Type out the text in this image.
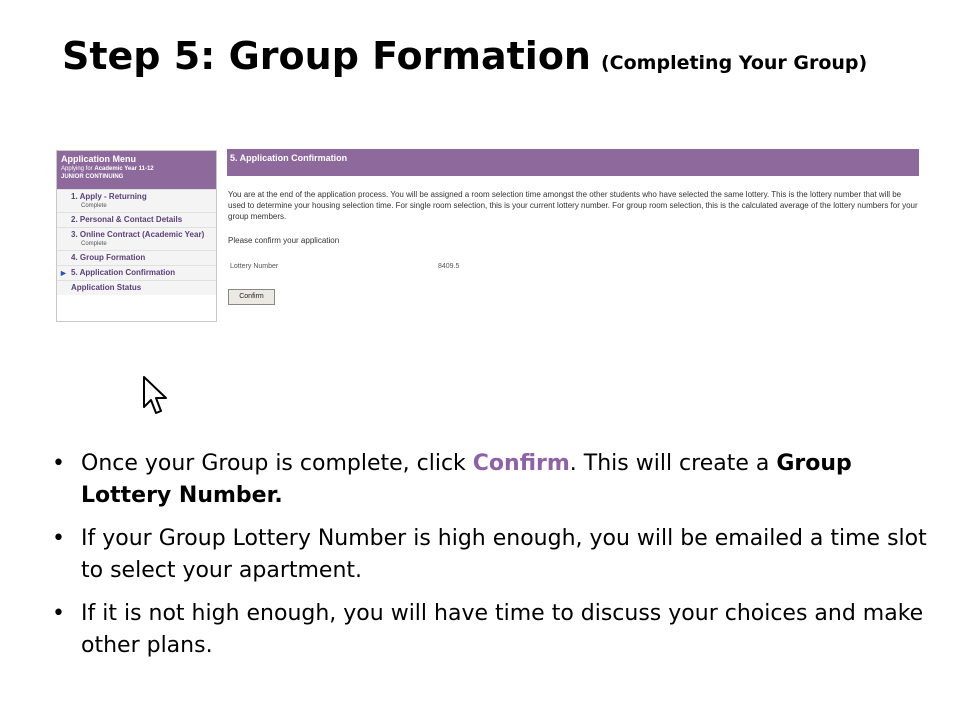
Step 5: Group Formation (Completing Your Group)
Application Menu
Applying for Academic Year 11-12
JUNIOR CONTINUING
1. Apply - Returning
Complete
2. Personal & Contact Details
3. Online Contract (Academic Year)
Complete
4. Group Formation
► 5. Application Confirmation
Application Status
5. Application Confirmation
You are at the end of the application process. You will be assigned a room selection time amongst the other students who have selected the same lottery. This is the lottery number that will be used to determine your housing selection time. For single room selection, this is your current lottery number. For group room selection, this is the calculated average of the lottery numbers for your group members.
Please confirm your application
Lottery Number	8409.5
Confirm
• Once your Group is complete, click Confirm. This will create a Group Lottery Number.
• If your Group Lottery Number is high enough, you will be emailed a time slot to select your apartment.
• If it is not high enough, you will have time to discuss your choices and make other plans.
